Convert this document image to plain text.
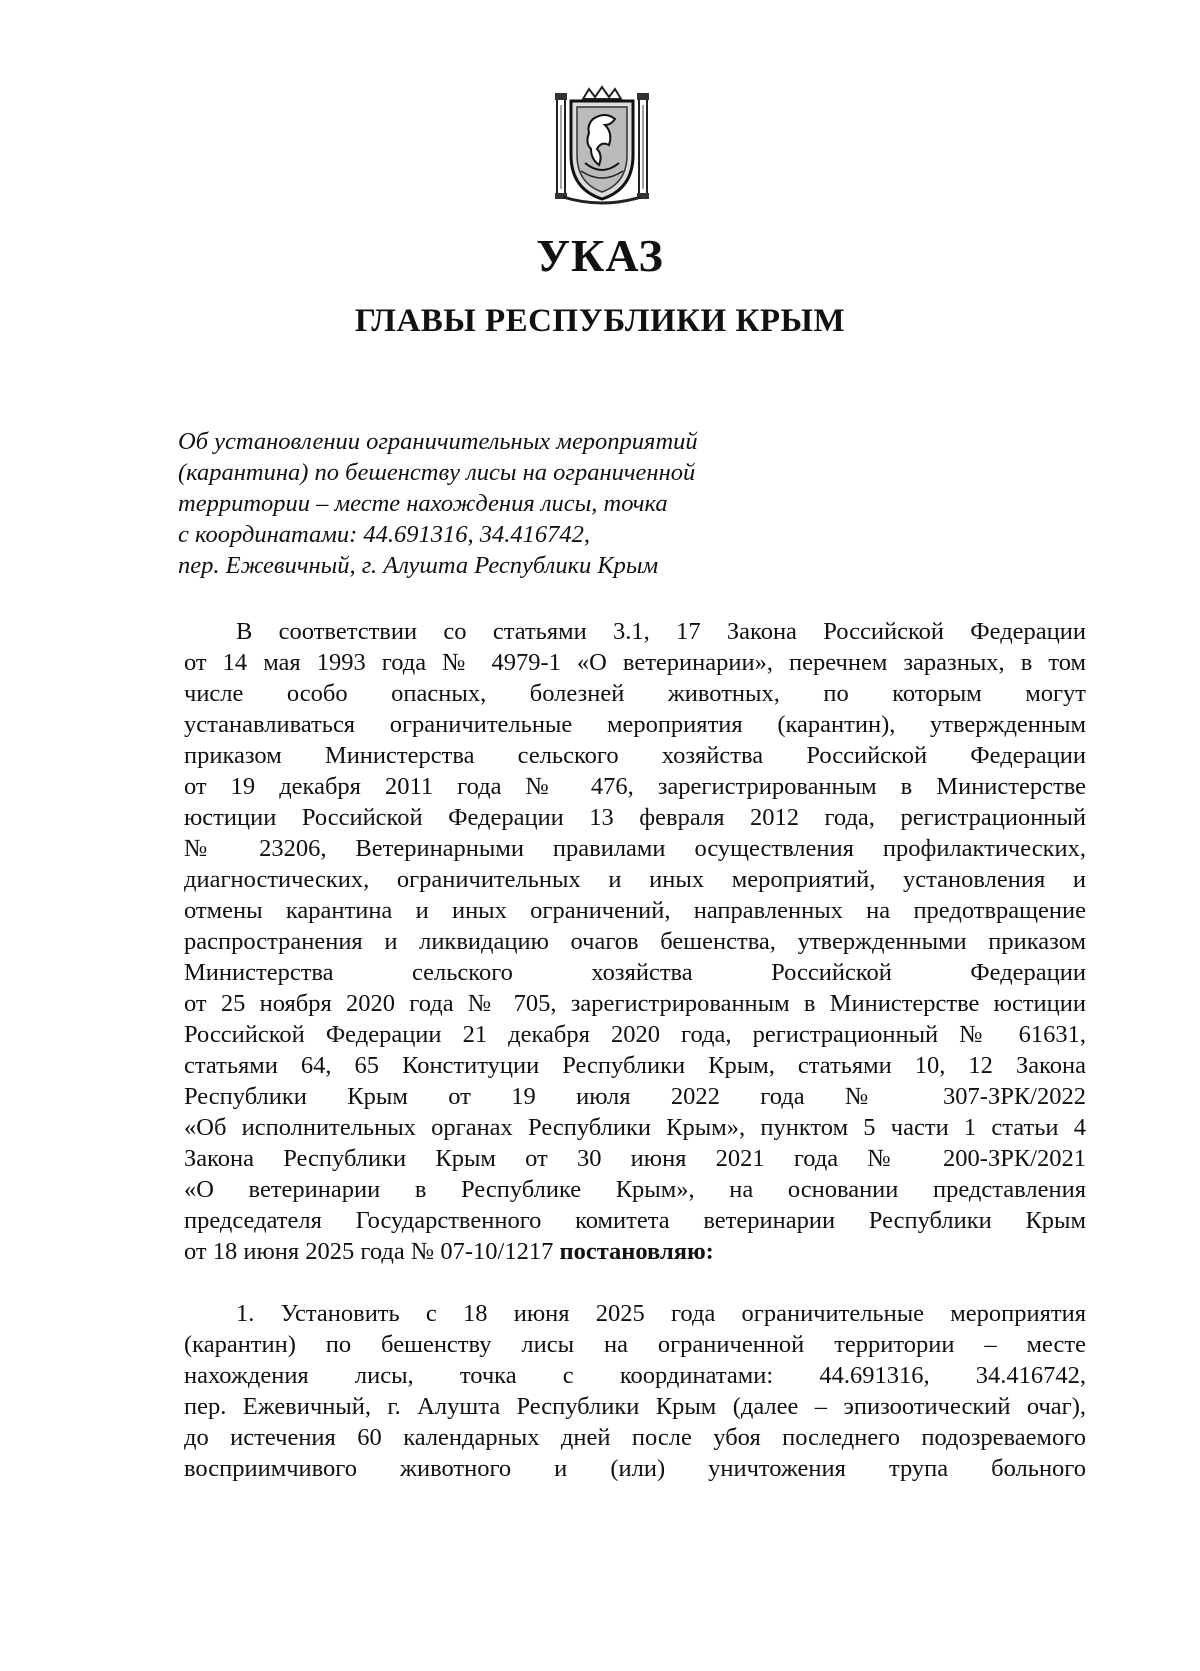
УКАЗ
ГЛАВЫ РЕСПУБЛИКИ КРЫМ
Об установлении ограничительных мероприятий
(карантина) по бешенству лисы на ограниченной
территории – месте нахождения лисы, точка
с координатами: 44.691316, 34.416742,
пер. Ежевичный, г. Алушта Республики Крым
В соответствии со статьями 3.1, 17 Закона Российской Федерации
от 14 мая 1993 года № 4979-1 «О ветеринарии», перечнем заразных, в том
числе особо опасных, болезней животных, по которым могут
устанавливаться ограничительные мероприятия (карантин), утвержденным
приказом Министерства сельского хозяйства Российской Федерации
от 19 декабря 2011 года № 476, зарегистрированным в Министерстве
юстиции Российской Федерации 13 февраля 2012 года, регистрационный
№ 23206, Ветеринарными правилами осуществления профилактических,
диагностических, ограничительных и иных мероприятий, установления и
отмены карантина и иных ограничений, направленных на предотвращение
распространения и ликвидацию очагов бешенства, утвержденными приказом
Министерства сельского хозяйства Российской Федерации
от 25 ноября 2020 года № 705, зарегистрированным в Министерстве юстиции
Российской Федерации 21 декабря 2020 года, регистрационный № 61631,
статьями 64, 65 Конституции Республики Крым, статьями 10, 12 Закона
Республики Крым от 19 июля 2022 года № 307-ЗРК/2022
«Об исполнительных органах Республики Крым», пунктом 5 части 1 статьи 4
Закона Республики Крым от 30 июня 2021 года № 200-ЗРК/2021
«О ветеринарии в Республике Крым», на основании представления
председателя Государственного комитета ветеринарии Республики Крым
от 18 июня 2025 года № 07-10/1217 постановляю:
1. Установить с 18 июня 2025 года ограничительные мероприятия
(карантин) по бешенству лисы на ограниченной территории – месте
нахождения лисы, точка с координатами: 44.691316, 34.416742,
пер. Ежевичный, г. Алушта Республики Крым (далее – эпизоотический очаг),
до истечения 60 календарных дней после убоя последнего подозреваемого
восприимчивого животного и (или) уничтожения трупа больного
